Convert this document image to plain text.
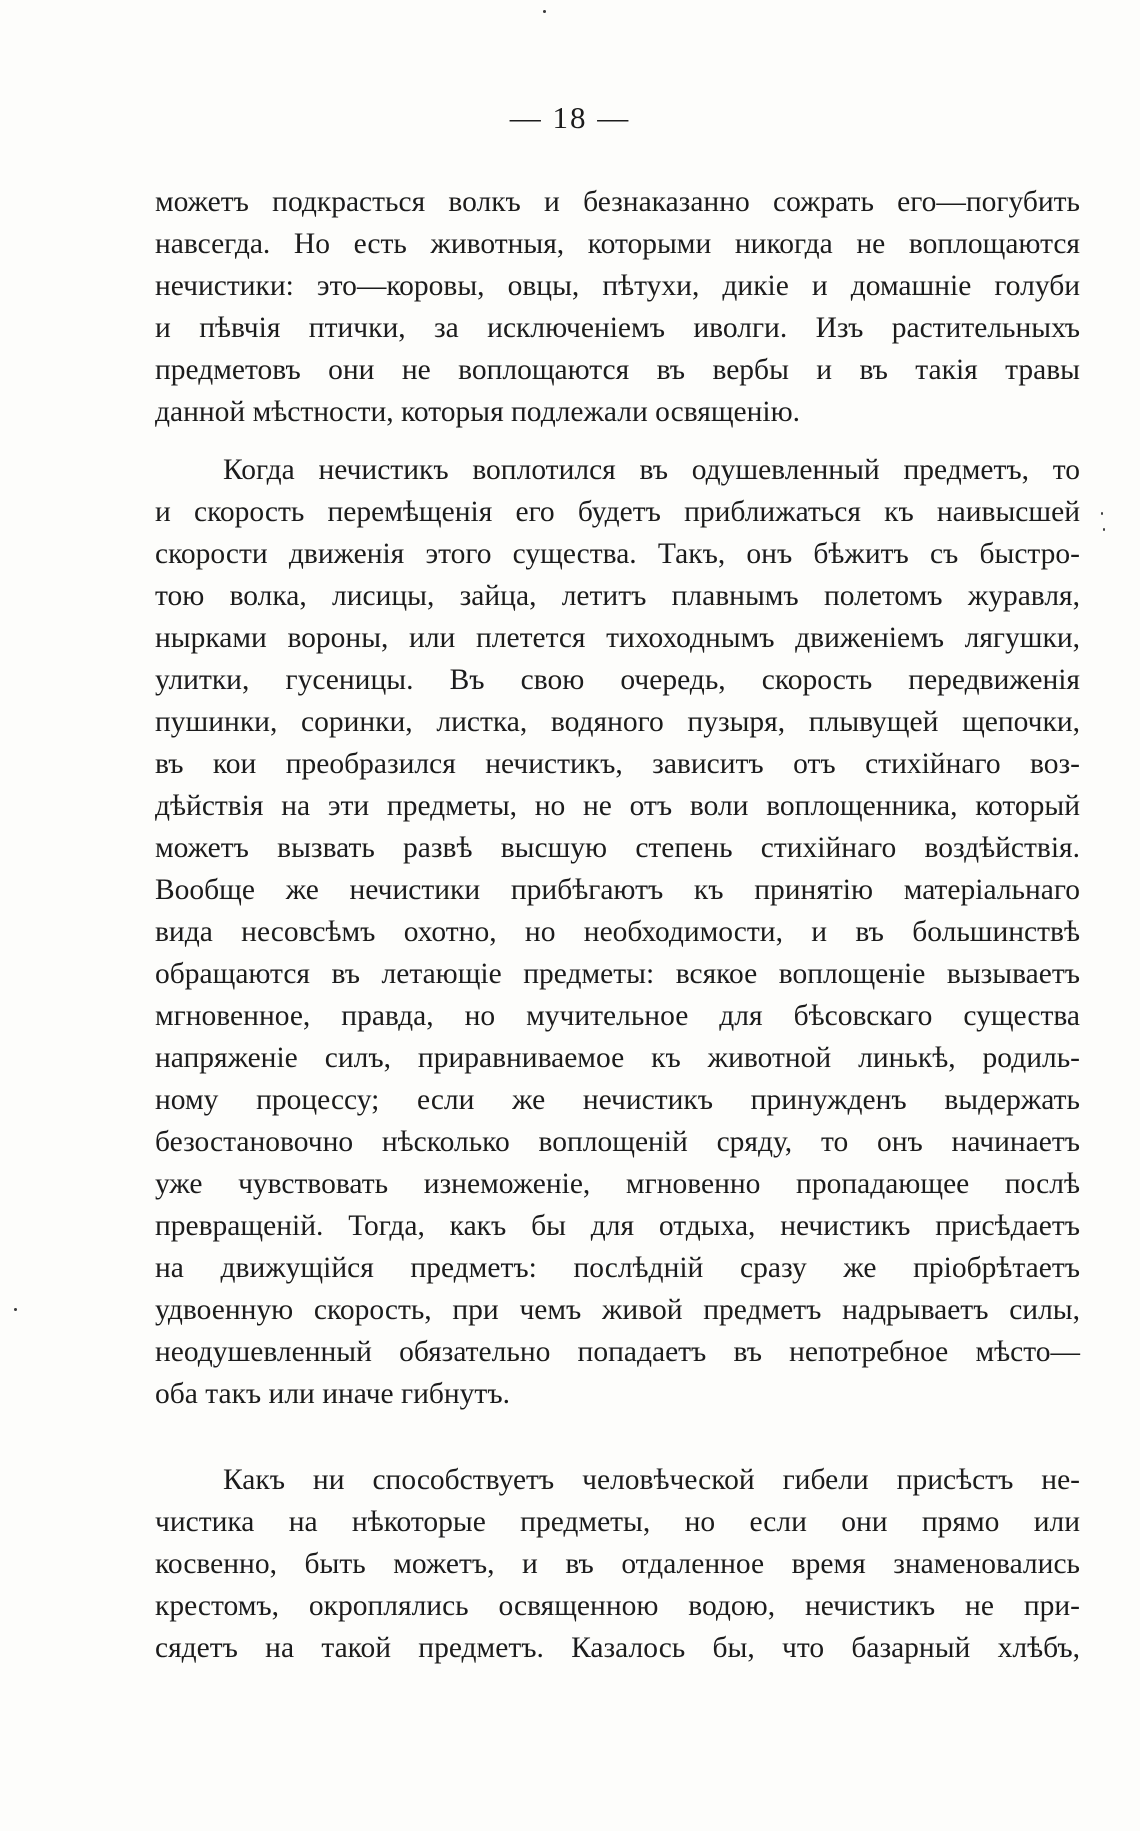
— 18 —
можетъ подкрасться волкъ и безнаказанно сожрать его—погубить
навсегда. Но есть животныя, которыми никогда не воплощаются
нечистики: это—коровы, овцы, пѣтухи, дикіе и домашніе голуби
и пѣвчія птички, за исключеніемъ иволги. Изъ растительныхъ
предметовъ они не воплощаются въ вербы и въ такія травы
данной мѣстности, которыя подлежали освященію.
Когда нечистикъ воплотился въ одушевленный предметъ, то
и скорость перемѣщенія его будетъ приближаться къ наивысшей
скорости движенія этого существа. Такъ, онъ бѣжитъ съ быстро-
тою волка, лисицы, зайца, летитъ плавнымъ полетомъ журавля,
нырками вороны, или плетется тихоходнымъ движеніемъ лягушки,
улитки, гусеницы. Въ свою очередь, скорость передвиженія
пушинки, соринки, листка, водяного пузыря, плывущей щепочки,
въ кои преобразился нечистикъ, зависитъ отъ стихійнаго воз-
дѣйствія на эти предметы, но не отъ воли воплощенника, который
можетъ вызвать развѣ высшую степень стихійнаго воздѣйствія.
Вообще же нечистики прибѣгаютъ къ принятію матеріальнаго
вида несовсѣмъ охотно, но необходимости, и въ большинствѣ
обращаются въ летающіе предметы: всякое воплощеніе вызываетъ
мгновенное, правда, но мучительное для бѣсовскаго существа
напряженіе силъ, приравниваемое къ животной линькѣ, родиль-
ному процессу; если же нечистикъ принужденъ выдержать
безостановочно нѣсколько воплощеній сряду, то онъ начинаетъ
уже чувствовать изнеможеніе, мгновенно пропадающее послѣ
превращеній. Тогда, какъ бы для отдыха, нечистикъ присѣдаетъ
на движущійся предметъ: послѣдній сразу же пріобрѣтаетъ
удвоенную скорость, при чемъ живой предметъ надрываетъ силы,
неодушевленный обязательно попадаетъ въ непотребное мѣсто—
оба такъ или иначе гибнутъ.
Какъ ни способствуетъ человѣческой гибели присѣстъ не-
чистика на нѣкоторые предметы, но если они прямо или
косвенно, быть можетъ, и въ отдаленное время знаменовались
крестомъ, окроплялись освященною водою, нечистикъ не при-
сядетъ на такой предметъ. Казалось бы, что базарный хлѣбъ,
